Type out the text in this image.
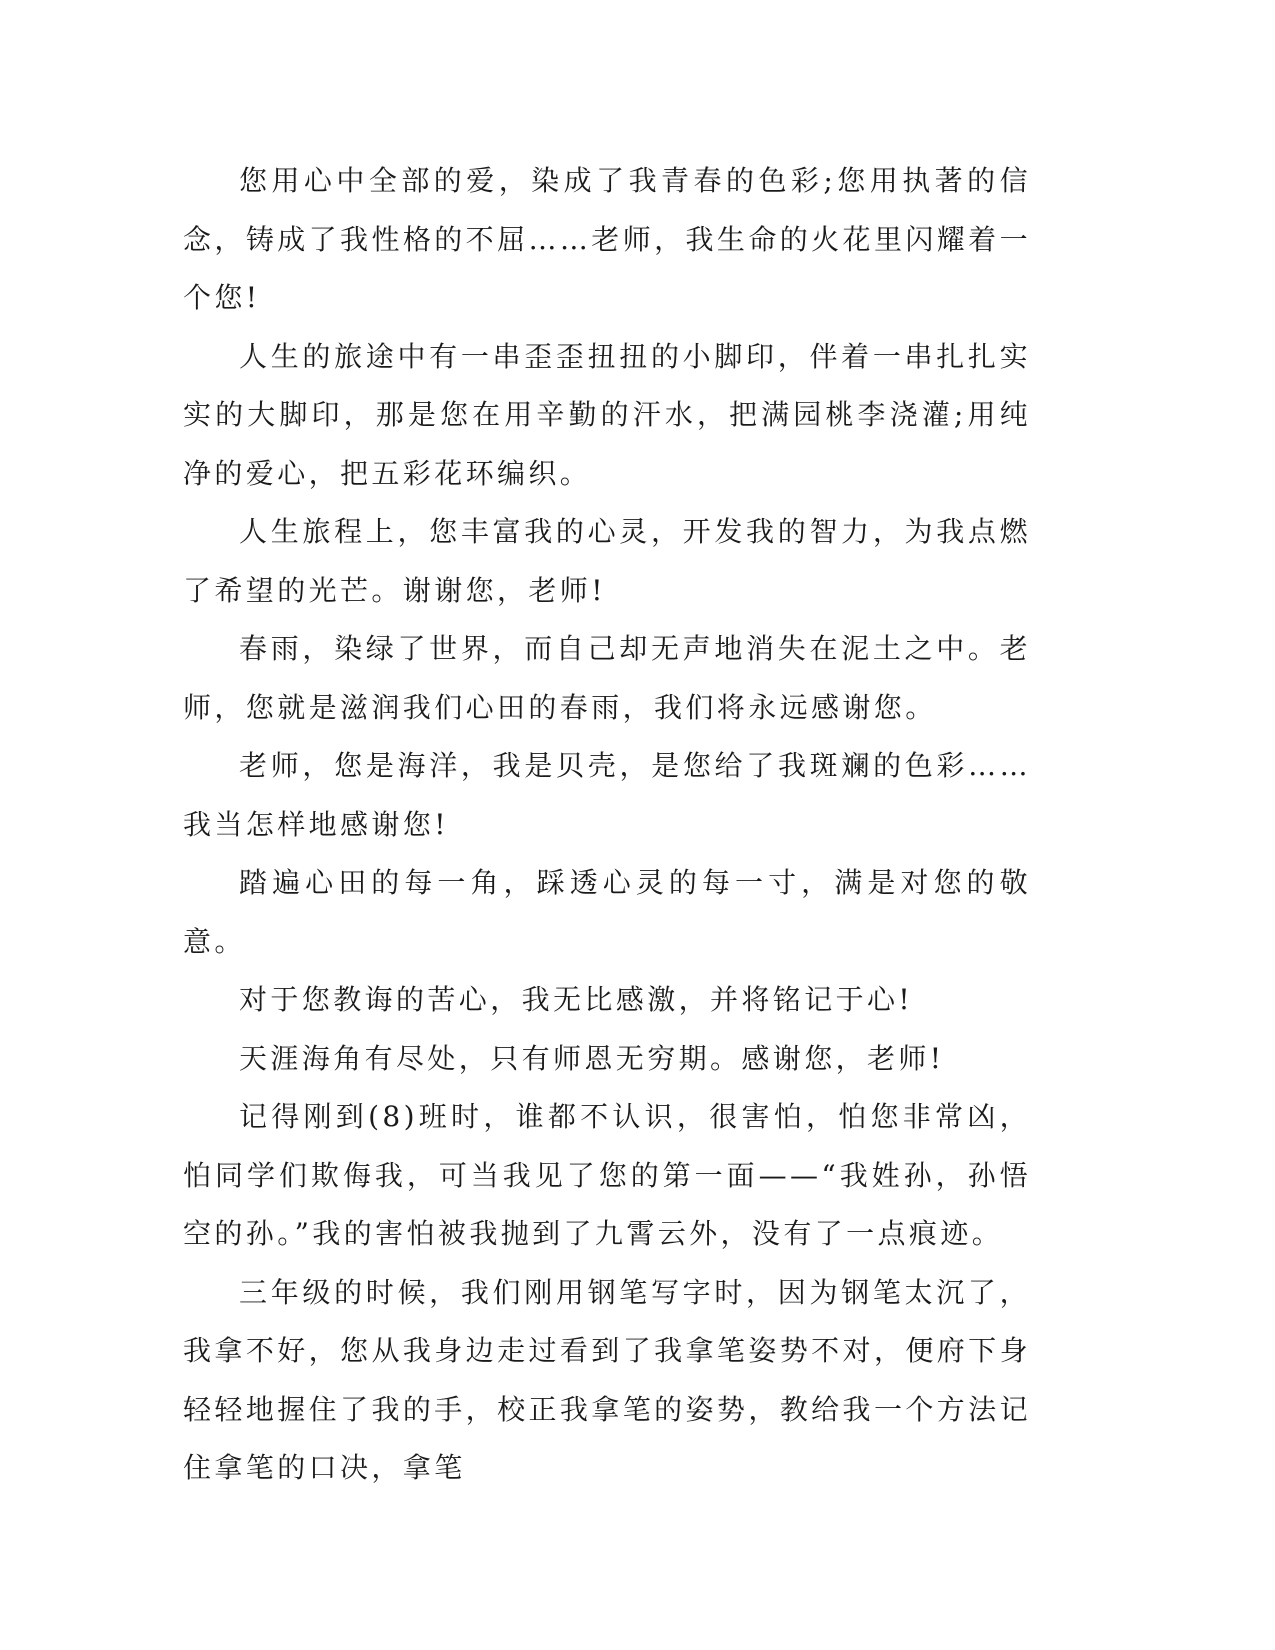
您用心中全部的爱，染成了我青春的色彩;您用执著的信念，铸成了我性格的不屈……老师，我生命的火花里闪耀着一个您!

人生的旅途中有一串歪歪扭扭的小脚印，伴着一串扎扎实实的大脚印，那是您在用辛勤的汗水，把满园桃李浇灌;用纯净的爱心，把五彩花环编织。

人生旅程上，您丰富我的心灵，开发我的智力，为我点燃了希望的光芒。谢谢您，老师!

春雨，染绿了世界，而自己却无声地消失在泥土之中。老师，您就是滋润我们心田的春雨，我们将永远感谢您。

老师，您是海洋，我是贝壳，是您给了我斑斓的色彩……我当怎样地感谢您!

踏遍心田的每一角，踩透心灵的每一寸，满是对您的敬意。

对于您教诲的苦心，我无比感激，并将铭记于心!

天涯海角有尽处，只有师恩无穷期。感谢您，老师!

记得刚到(8)班时，谁都不认识，很害怕，怕您非常凶，怕同学们欺侮我，可当我见了您的第一面——“我姓孙，孙悟空的孙。”我的害怕被我抛到了九霄云外，没有了一点痕迹。

三年级的时候，我们刚用钢笔写字时，因为钢笔太沉了，我拿不好，您从我身边走过看到了我拿笔姿势不对，便府下身轻轻地握住了我的手，校正我拿笔的姿势，教给我一个方法记住拿笔的口决，拿笔
